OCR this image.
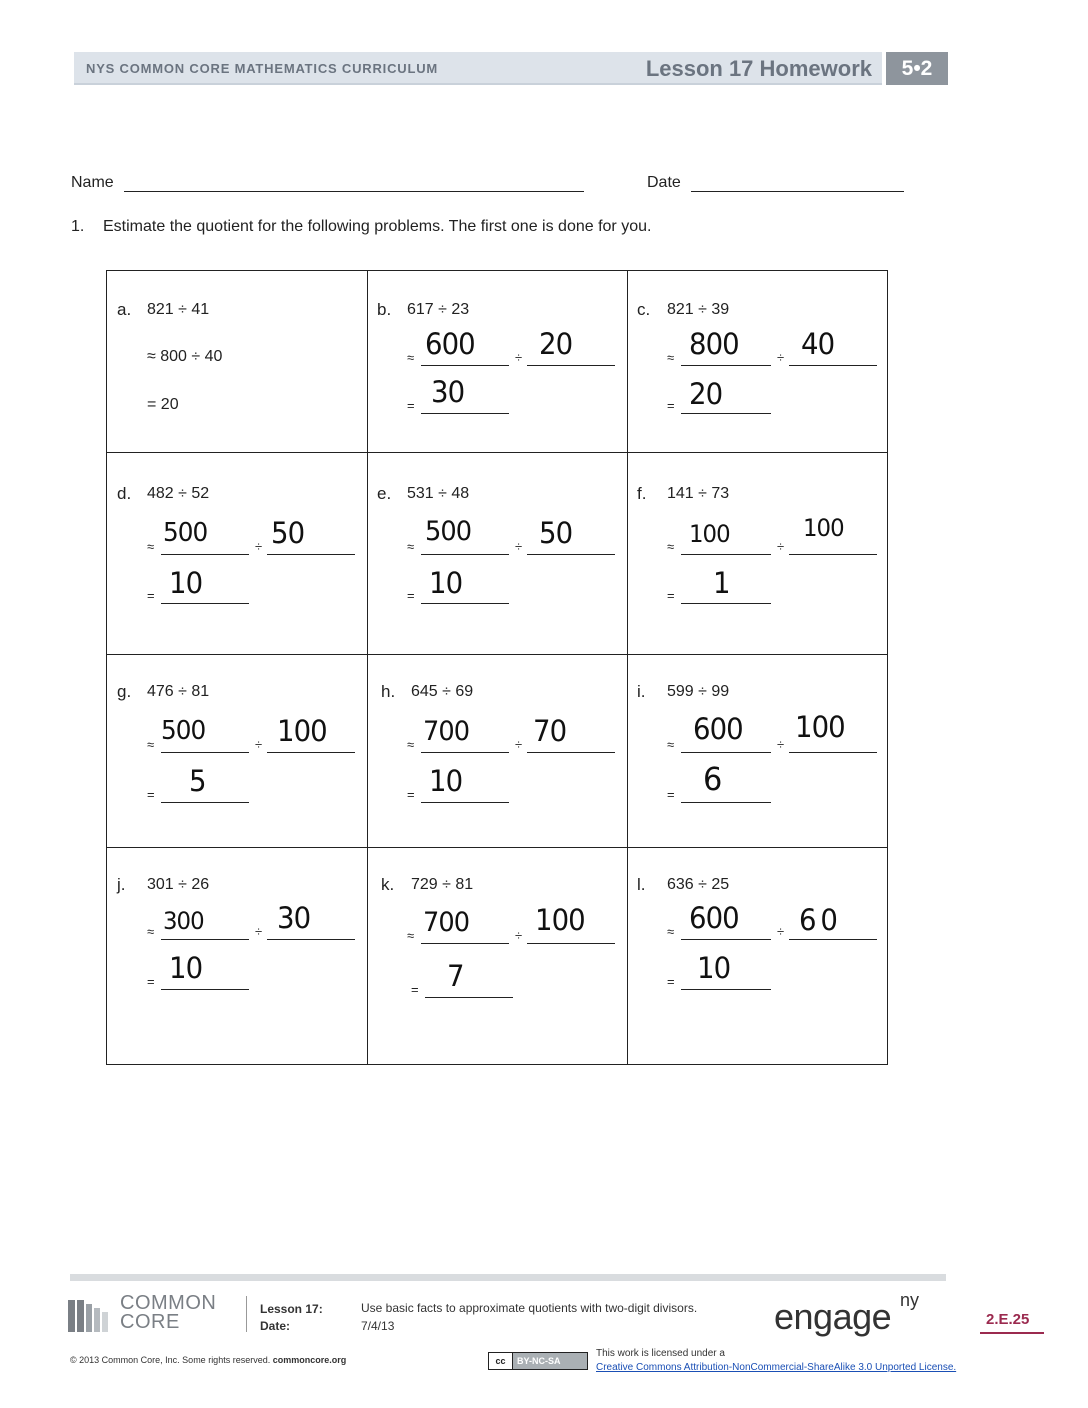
NYS COMMON CORE MATHEMATICS CURRICULUM	Lesson 17 Homework	5•2
Name	Date
1. Estimate the quotient for the following problems. The first one is done for you.
a. 821 ÷ 41
≈ 800 ÷ 40
= 20
b. 617 ÷ 23
≈ 600	÷ 20
= 30
c. 821 ÷ 39
≈ 800	÷ 40
= 20
d. 482 ÷ 52
≈ 500	÷ 50
= 10
e. 531 ÷ 48
≈ 500	÷ 50
= 10
f. 141 ÷ 73
≈ 100	÷
100
= 1
g. 476 ÷ 81
≈ 500	÷ 100
= 5
h. 645 ÷ 69
≈ 700	÷ 70
= 10
i. 599 ÷ 99
≈ 600	÷
100
= 6
j. 301 ÷ 26
≈ 300	÷ 30
= 10
k. 729 ÷ 81
≈ 700	÷ 100
= 7
l. 636 ÷ 25
≈ 600	÷ 60
= 10
COMMON
CORE
Lesson 17:
Date:
Use basic facts to approximate quotients with two-digit divisors.
7/4/13	engage ny
2.E.25
© 2013 Common Core, Inc. Some rights reserved. commoncore.org	cc	BY-NC-SA
This work is licensed under a
Creative Commons Attribution-NonCommercial-ShareAlike 3.0 Unported License.
